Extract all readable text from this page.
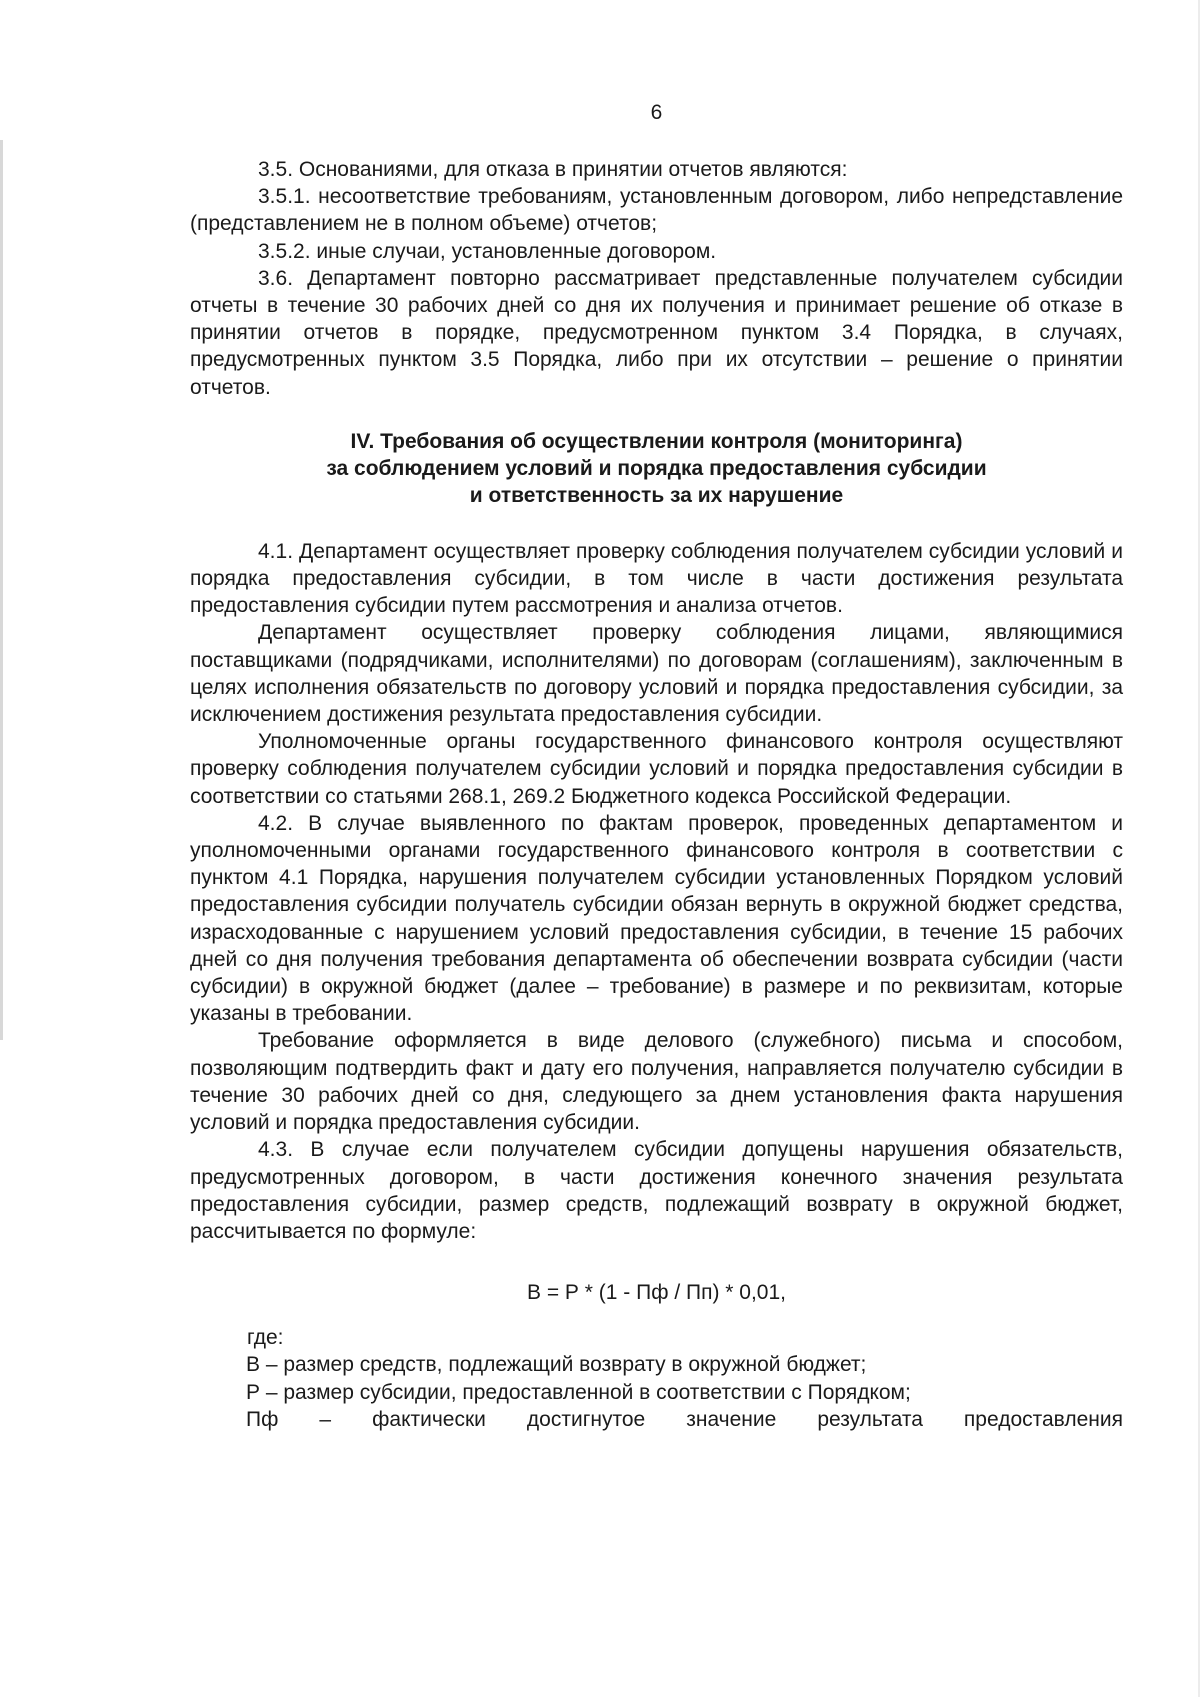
6

3.5. Основаниями, для отказа в принятии отчетов являются:

3.5.1. несоответствие требованиям, установленным договором, либо непредставление (представлением не в полном объеме) отчетов;

3.5.2. иные случаи, установленные договором.

3.6. Департамент повторно рассматривает представленные получателем субсидии отчеты в течение 30 рабочих дней со дня их получения и принимает решение об отказе в принятии отчетов в порядке, предусмотренном пунктом 3.4 Порядка, в случаях, предусмотренных пунктом 3.5 Порядка, либо при их отсутствии – решение о принятии отчетов.

IV. Требования об осуществлении контроля (мониторинга)
за соблюдением условий и порядка предоставления субсидии
и ответственность за их нарушение

4.1. Департамент осуществляет проверку соблюдения получателем субсидии условий и порядка предоставления субсидии, в том числе в части достижения результата предоставления субсидии путем рассмотрения и анализа отчетов.

Департамент осуществляет проверку соблюдения лицами, являющимися поставщиками (подрядчиками, исполнителями) по договорам (соглашениям), заключенным в целях исполнения обязательств по договору условий и порядка предоставления субсидии, за исключением достижения результата предоставления субсидии.

Уполномоченные органы государственного финансового контроля осуществляют проверку соблюдения получателем субсидии условий и порядка предоставления субсидии в соответствии со статьями 268.1, 269.2 Бюджетного кодекса Российской Федерации.

4.2. В случае выявленного по фактам проверок, проведенных департаментом и уполномоченными органами государственного финансового контроля в соответствии с пунктом 4.1 Порядка, нарушения получателем субсидии установленных Порядком условий предоставления субсидии получатель субсидии обязан вернуть в окружной бюджет средства, израсходованные с нарушением условий предоставления субсидии, в течение 15 рабочих дней со дня получения требования департамента об обеспечении возврата субсидии (части субсидии) в окружной бюджет (далее – требование) в размере и по реквизитам, которые указаны в требовании.

Требование оформляется в виде делового (служебного) письма и способом, позволяющим подтвердить факт и дату его получения, направляется получателю субсидии в течение 30 рабочих дней со дня, следующего за днем установления факта нарушения условий и порядка предоставления субсидии.

4.3. В случае если получателем субсидии допущены нарушения обязательств, предусмотренных договором, в части достижения конечного значения результата предоставления субсидии, размер средств, подлежащий возврату в окружной бюджет, рассчитывается по формуле:

В = Р * (1 - Пф / Пп) * 0,01,

где:

В – размер средств, подлежащий возврату в окружной бюджет;

Р – размер субсидии, предоставленной в соответствии с Порядком;

Пф – фактически достигнутое значение результата предоставления
